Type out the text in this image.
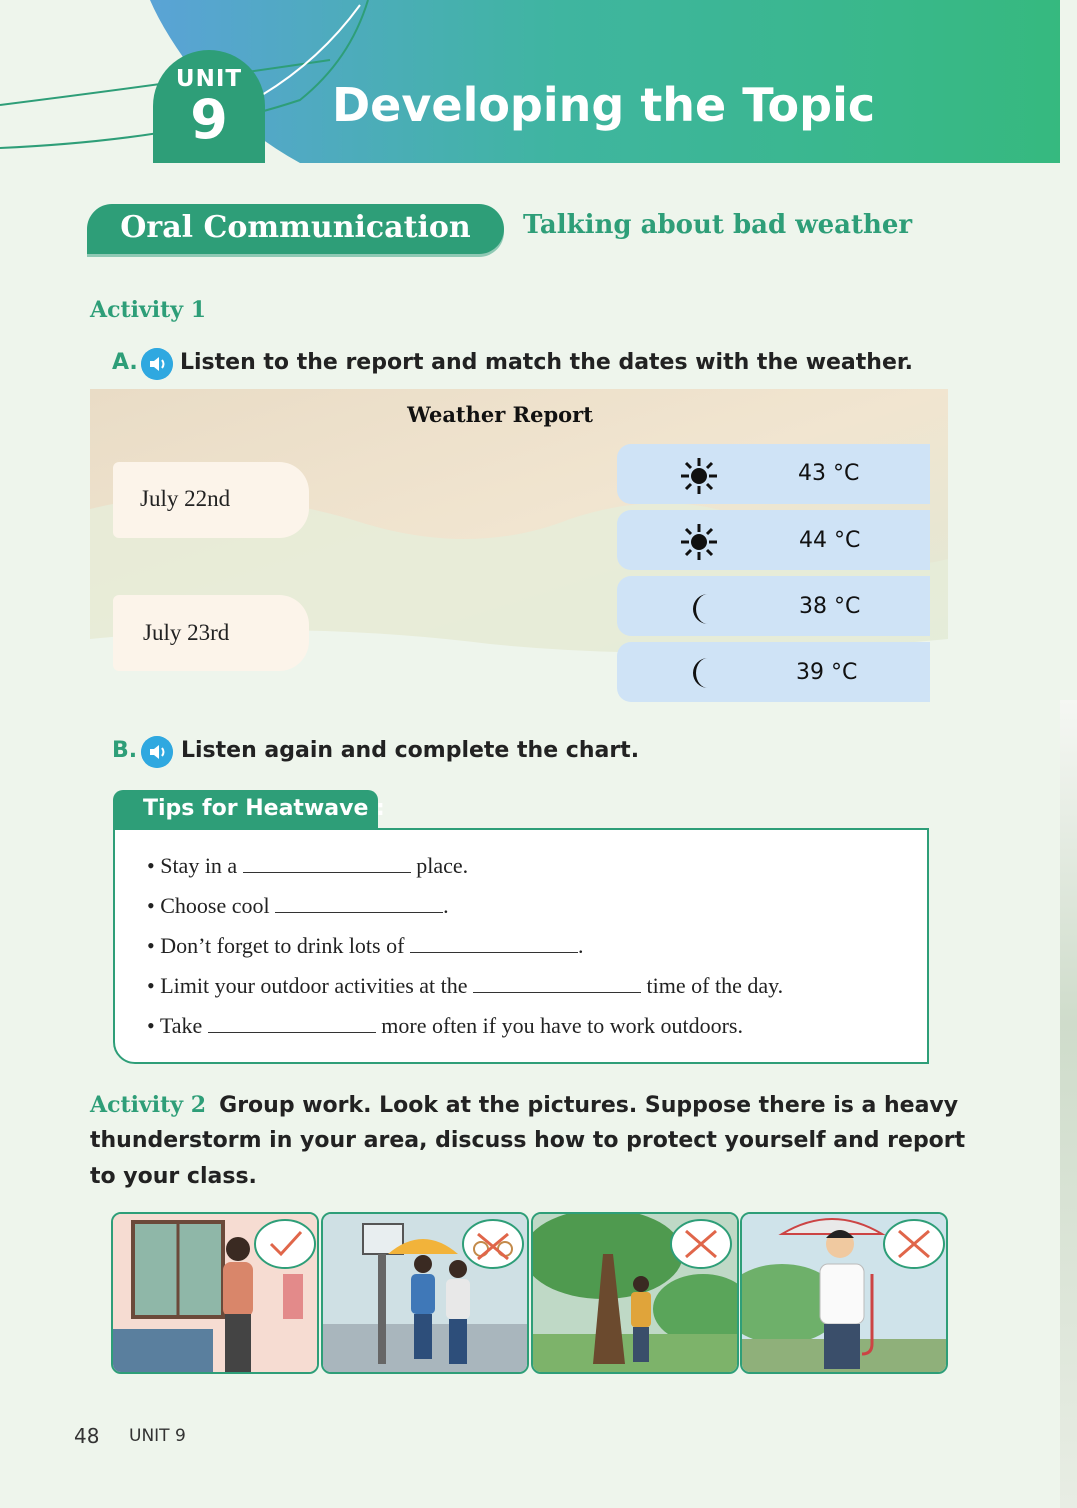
UNIT
9	Developing the Topic
Oral Communication	Talking about bad weather
Activity 1
A. Listen to the report and match the dates with the weather.
Weather Report
July 22nd
July 23rd
43 °C
44 °C
38 °C
39 °C
B. Listen again and complete the chart.
Tips for Heatwave :
• Stay in a	place.
• Choose cool	.
• Don’t forget to drink lots of	.
• Limit your outdoor activities at the	time of the day.
• Take	more often if you have to work outdoors.
Activity 2 Group work. Look at the pictures. Suppose there is a heavy
thunderstorm in your area, discuss how to protect yourself and report
to your class.
48 UNIT 9
